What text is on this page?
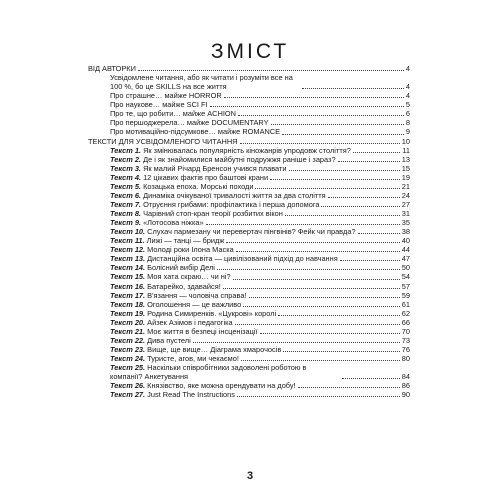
ЗМІСТ
ВІД АВТОРКИ	4
Усвідомлене читання, або як читати і розуміти все на 100 %, бо це SKILLS на все життя	4
Про страшне… майже HORROR	4
Про наукове… майже SCI FI	5
Про те, що робити… майже ACHION	6
Про першоджерела… майже DOCUMENTARY	8
Про мотиваційно-підсумкове… майже ROMANCE	9
ТЕКСТИ ДЛЯ УСВІДОМЛЕНОГО ЧИТАННЯ	10
Текст 1. Як змінювалась популярність кіножанрів упродовж століття?	11
Текст 2. Де і як знайомилися майбутні подружжя раніше і зараз?	13
Текст 3. Як малий Річард Бренсон учився плавати	15
Текст 4. 12 цікавих фактів про баштові крани	19
Текст 5. Козацька епоха. Морські походи	21
Текст 6. Динаміка очікуваної тривалості життя за два століття	24
Текст 7. Отруєння грибами: профілактика і перша допомога	27
Текст 8. Чарівний стоп-кран теорії розбитих вікон	31
Текст 9. «Лотосова ніжка»	35
Текст 10. Слухач пармезану чи перевертач пінгвінів? Фейк чи правда?	38
Текст 11. Лижі — танці — бридж	40
Текст 12. Молоді роки Ілона Маска	44
Текст 13. Дистанційна освіта — цивілізований підхід до навчання	47
Текст 14. Болісний вибір Делі	50
Текст 15. Моя хата скраю… чи ні?	54
Текст 16. Батарейко, здавайся!	57
Текст 17. В'язання — чоловіча справа!	59
Текст 18. Оголошення — це важливо	61
Текст 19. Родина Симиренків. «Цукрові» королі	62
Текст 20. Айзек Азімов і педагогіка	66
Текст 21. Моє життя в безпеці інсценізації	70
Текст 22. Дива пустелі	73
Текст 23. Вище, ще вище… Діаграма хмарочосів	76
Текст 24. Туристе, агов, ми чекаємо!	80
Текст 25. Наскільки співробітники задоволені роботою в компанії? Анкетування	84
Текст 26. Князівство, яке можна орендувати на добу!	86
Текст 27. Just Read The Instructions	90
3
